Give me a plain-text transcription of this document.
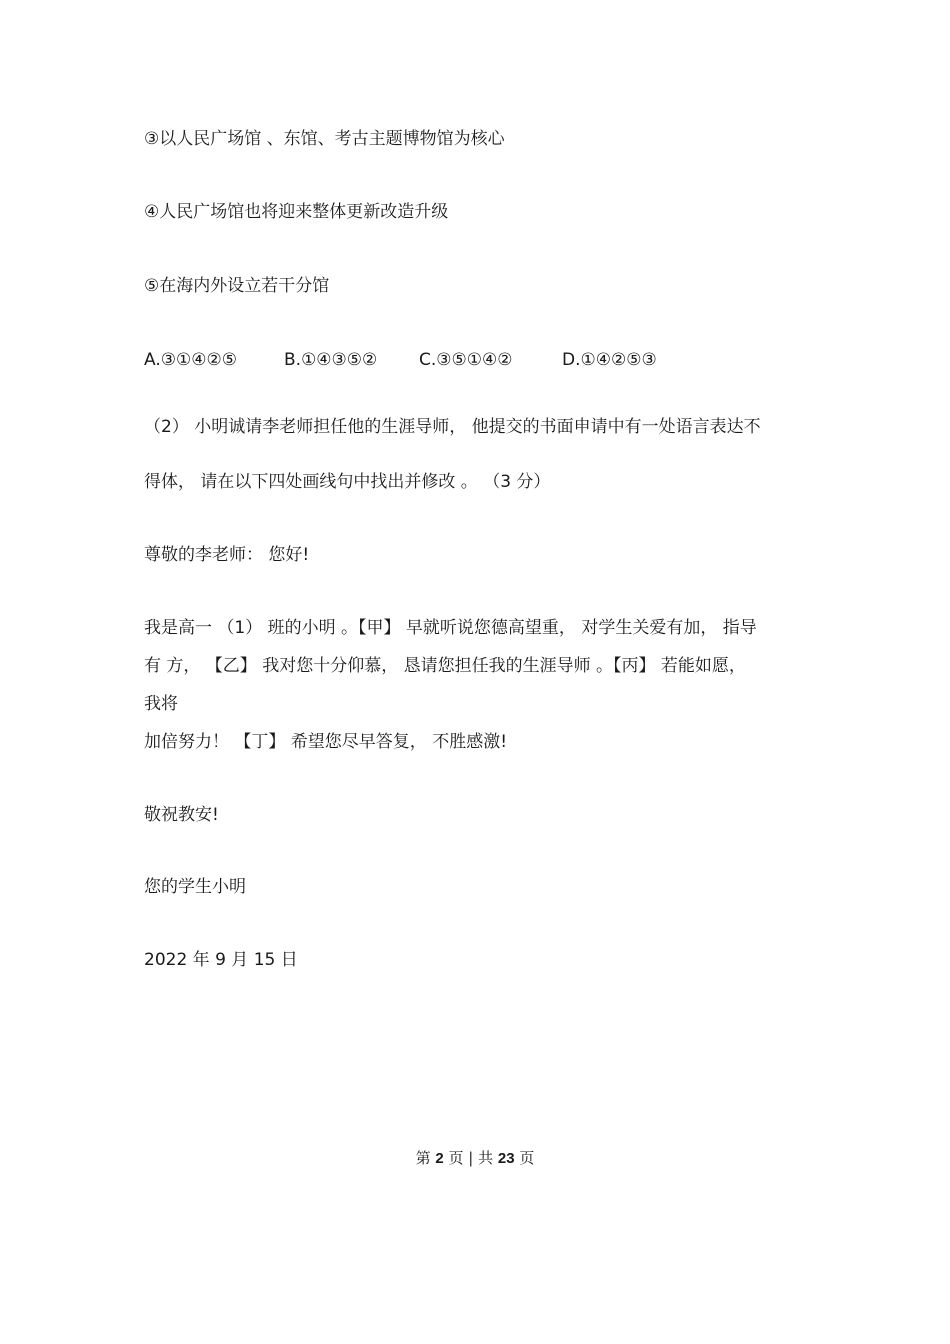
③以人民广场馆 、东馆、考古主题博物馆为核心
④人民广场馆也将迎来整体更新改造升级
⑤在海内外设立若干分馆
A.③①④②⑤	B.①④③⑤② C.③⑤①④②	D.①④②⑤③
（2） 小明诚请李老师担任他的生涯导师， 他提交的书面申请中有一处语言表达不
得体， 请在以下四处画线句中找出并修改 。 （3 分）
尊敬的李老师： 您好!
我是高一 （1） 班的小明 。【甲】 早就听说您德高望重， 对学生关爱有加， 指导
有 方， 【乙】 我对您十分仰慕， 恳请您担任我的生涯导师 。【丙】 若能如愿，
我将
加倍努力！ 【丁】 希望您尽早答复， 不胜感激!
敬祝教安!
您的学生小明
2022 年 9 月 15 日
第 2 页 | 共 23 页
